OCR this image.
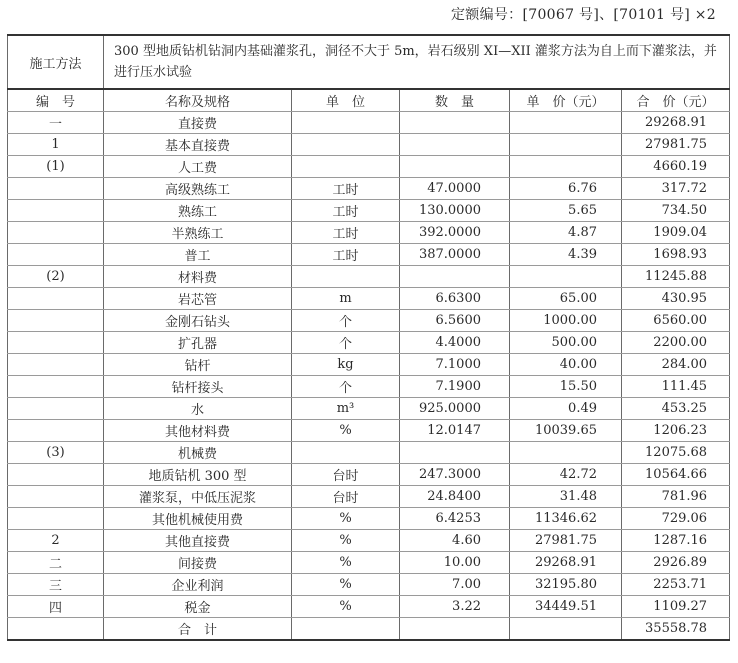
定额编号：[70067 号]、[70101 号] ×2
施工方法	300 型地质钻机钻洞内基础灌浆孔，洞径不大于 5m，岩石级别 XI—XII 灌浆方法为自上而下灌浆法，并进行压水试验				
编　号	名称及规格	单　位	数　量	单　价（元）	合　价（元）
一	直接费				29268.91
1	基本直接费				27981.75
(1)	人工费				4660.19
	高级熟练工	工时	47.0000	6.76	317.72
	熟练工	工时	130.0000	5.65	734.50
	半熟练工	工时	392.0000	4.87	1909.04
	普工	工时	387.0000	4.39	1698.93
(2)	材料费				11245.88
	岩芯管	m	6.6300	65.00	430.95
	金刚石钻头	个	6.5600	1000.00	6560.00
	扩孔器	个	4.4000	500.00	2200.00
	钻杆	kg	7.1000	40.00	284.00
	钻杆接头	个	7.1900	15.50	111.45
	水	m³	925.0000	0.49	453.25
	其他材料费	%	12.0147	10039.65	1206.23
(3)	机械费				12075.68
	地质钻机 300 型	台时	247.3000	42.72	10564.66
	灌浆泵，中低压泥浆	台时	24.8400	31.48	781.96
	其他机械使用费	%	6.4253	11346.62	729.06
2	其他直接费	%	4.60	27981.75	1287.16
二	间接费	%	10.00	29268.91	2926.89
三	企业利润	%	7.00	32195.80	2253.71
四	税金	%	3.22	34449.51	1109.27
	合　计				35558.78
